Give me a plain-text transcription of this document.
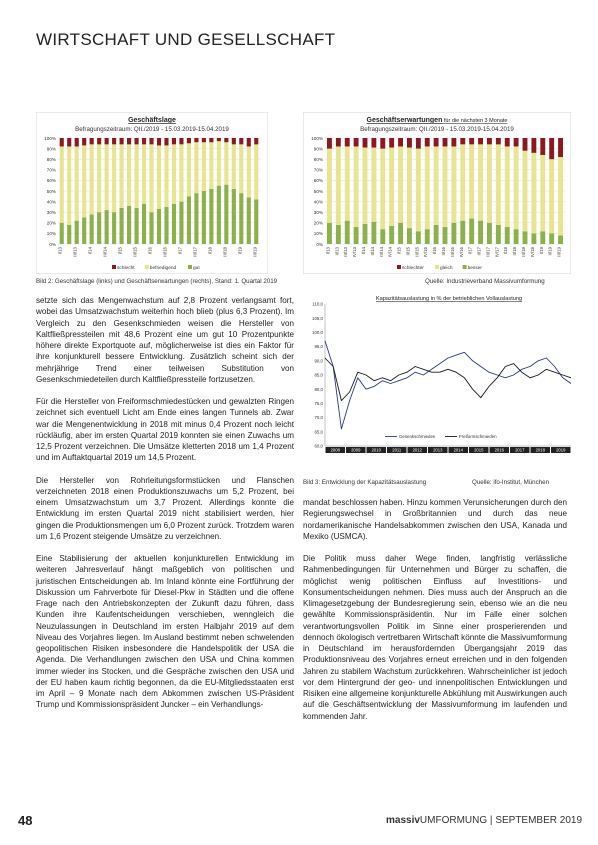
WIRTSCHAFT UND GESELLSCHAFT
Geschäftslage
Befragungszeitraum: QII./2019 - 15.03.2019-15.04.2019
0%
10%
20%
30%
40%
50%
60%
70%
80%
90%
100%
I/13 III/13 I/14 III/14 I/15 III/15 I/16 III/16 I/17 III/17 I/18 III/18 I/19 III/19
schlecht	befriedigend	gut
Geschäftserwartungen für die nächsten 3 Monate
Befragungszeitraum: QII./2019 - 15.03.2019-15.04.2019
0%
10%
20%
30%
40%
50%
60%
70%
80%
90%
100%
I/13 II/13 III/13 IV/13 I/14 II/14 III/14 IV/14 I/15 II/15 III/15 IV/15 I/16 II/16 III/16 IV/16 I/17 II/17 III/17 IV/17 I/18 II/18 III/18 IV/18 I/19 II/19 III/19
schlechter	gleich	besser
Bild 2: Geschäftslage (links) und Geschäftserwartungen (rechts), Stand: 1. Quartal 2019	Quelle: Industrieverband Massivumformung
Kapazitätsauslastung in % der betrieblichen Vollauslastung
60,0
65,0
70,0
75,0
80,0
85,0
90,0
95,0
100,0
105,0
110,0
2008	2009	2010	2011	2012	2013	2014	2015	2016	2017	2018	2019
Gesenkschmieden	Freiformschmieden
Bild 3: Entwicklung der Kapazitätsauslastung	Quelle: ifo-Institut, München

setzte sich das Mengenwachstum auf 2,8 Prozent verlangsamt fort, wobei das Umsatzwachstum weiterhin hoch blieb (plus 6,3 Prozent). Im Vergleich zu den Gesenkschmieden weisen die Hersteller von Kaltfließpressteilen mit 48,6 Prozent eine um gut 10 Prozentpunkte höhere direkte Exportquote auf, möglicherweise ist dies ein Faktor für ihre konjunkturell bessere Entwicklung. Zusätzlich scheint sich der mehrjährige Trend einer teilweisen Substitution von Gesenkschmiedeteilen durch Kaltfließpressteile fortzusetzen.

Für die Hersteller von Freiformschmiedestücken und gewalzten Ringen zeichnet sich eventuell Licht am Ende eines langen Tunnels ab. Zwar war die Mengenentwicklung in 2018 mit minus 0,4 Prozent noch leicht rückläufig, aber im ersten Quartal 2019 konnten sie einen Zuwachs um 12,5 Prozent verzeichnen. Die Umsätze kletterten 2018 um 1,4 Prozent und im Auftaktquartal 2019 um 14,5 Prozent.

Die Hersteller von Rohrleitungsformstücken und Flanschen verzeichneten 2018 einen Produktionszuwachs um 5,2 Prozent, bei einem Umsatzwachstum um 3,7 Prozent. Allerdings konnte die Entwicklung im ersten Quartal 2019 nicht stabilisiert werden, hier gingen die Produktionsmengen um 6,0 Prozent zurück. Trotzdem waren um 1,6 Prozent steigende Umsätze zu verzeichnen.

Eine Stabilisierung der aktuellen konjunkturellen Entwicklung im weiteren Jahresverlauf hängt maßgeblich von politischen und juristischen Entscheidungen ab. Im Inland könnte eine Fortführung der Diskussion um Fahrverbote für Diesel-Pkw in Städten und die offene Frage nach den Antriebskonzepten der Zukunft dazu führen, dass Kunden ihre Kaufentscheidungen verschieben, wenngleich die Neuzulassungen in Deutschland im ersten Halbjahr 2019 auf dem Niveau des Vorjahres liegen. Im Ausland bestimmt neben schwelenden geopolitischen Risiken insbesondere die Handelspolitik der USA die Agenda. Die Verhandlungen zwischen den USA und China kommen immer wieder ins Stocken, und die Gespräche zwischen den USA und der EU haben kaum richtig begonnen, da die EU-Mitgliedsstaaten erst im April – 9 Monate nach dem Abkommen zwischen US-Präsident Trump und Kommissionspräsident Juncker – ein Verhandlungs-

mandat beschlossen haben. Hinzu kommen Verunsicherungen durch den Regierungswechsel in Großbritannien und durch das neue nordamerikanische Handelsabkommen zwischen den USA, Kanada und Mexiko (USMCA).

Die Politik muss daher Wege finden, langfristig verlässliche Rahmenbedingungen für Unternehmen und Bürger zu schaffen, die möglichst wenig politischen Einfluss auf Investitions- und Konsumentscheidungen nehmen. Dies muss auch der Anspruch an die Klimagesetzgebung der Bundesregierung sein, ebenso wie an die neu gewählte Kommissionspräsidentin. Nur im Falle einer solchen verantwortungsvollen Politik im Sinne einer prosperierenden und dennoch ökologisch vertretbaren Wirtschaft könnte die Massivumformung in Deutschland im herausfordernden Übergangsjahr 2019 das Produktionsniveau des Vorjahres erneut erreichen und in den folgenden Jahren zu stabilem Wachstum zurückkehren. Wahrscheinlicher ist jedoch vor dem Hintergrund der geo- und innenpolitischen Entwicklungen und Risiken eine allgemeine konjunkturelle Abkühlung mit Auswirkungen auch auf die Geschäftsentwicklung der Massivumformung im laufenden und kommenden Jahr.

48	massivUMFORMUNG | SEPTEMBER 2019
